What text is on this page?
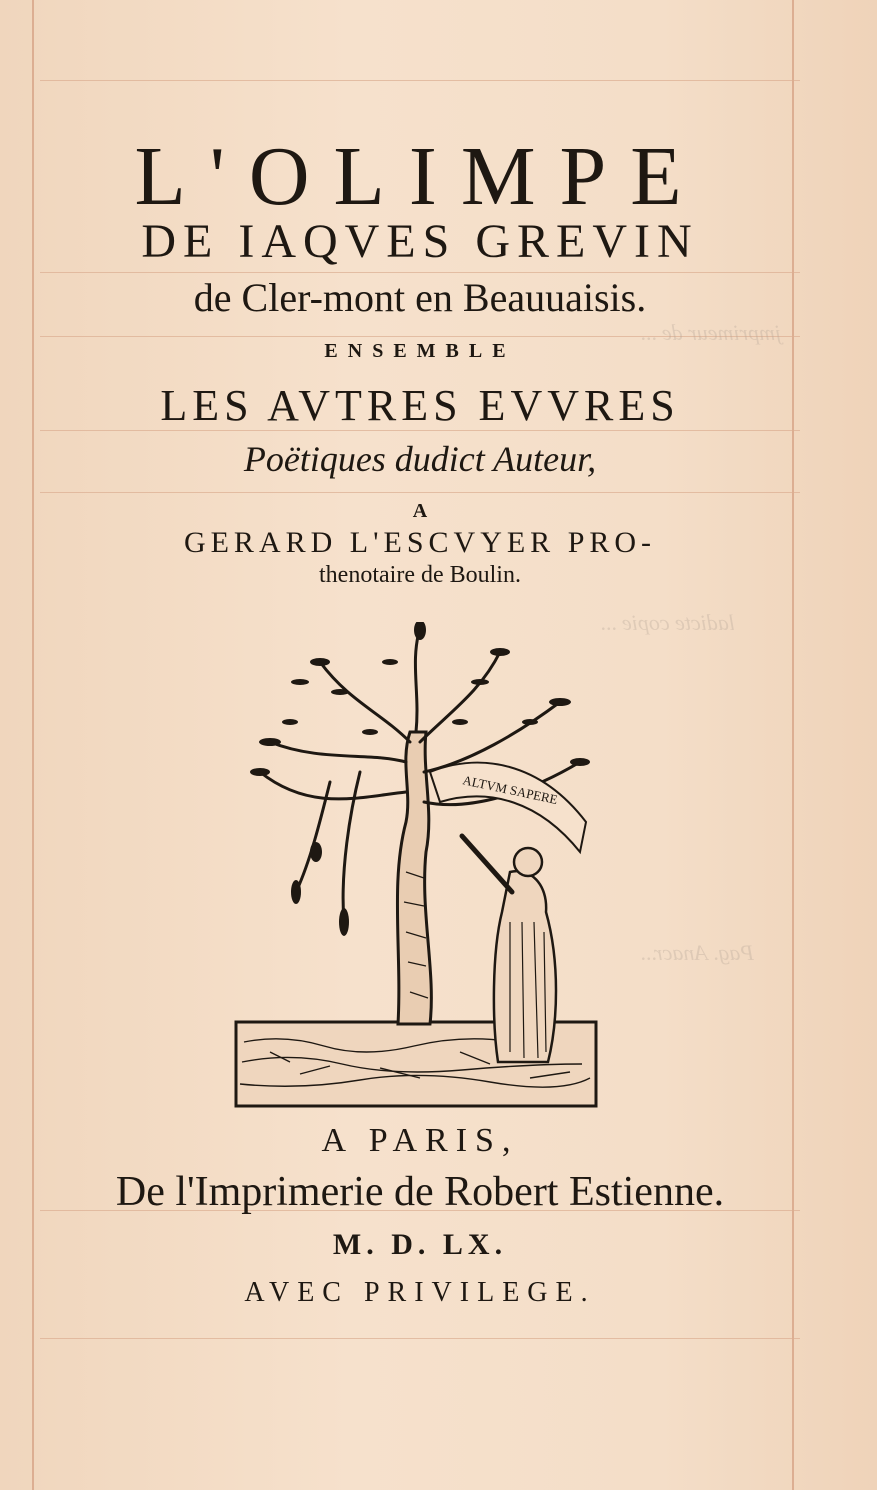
jmprimeur de ...
ladicte copie ...
Pag. Anacr...
L'OLIMPE
DE IAQVES GREVIN
de Cler-mont en Beauuaisis.
ENSEMBLE
LES AVTRES EVVRES
Poëtiques dudict Auteur,
A
GERARD L'ESCVYER PRO-
thenotaire de Boulin.
ALTVM SAPERE
A PARIS,
De l'Imprimerie de Robert Estienne.
M. D. LX.
AVEC PRIVILEGE.
